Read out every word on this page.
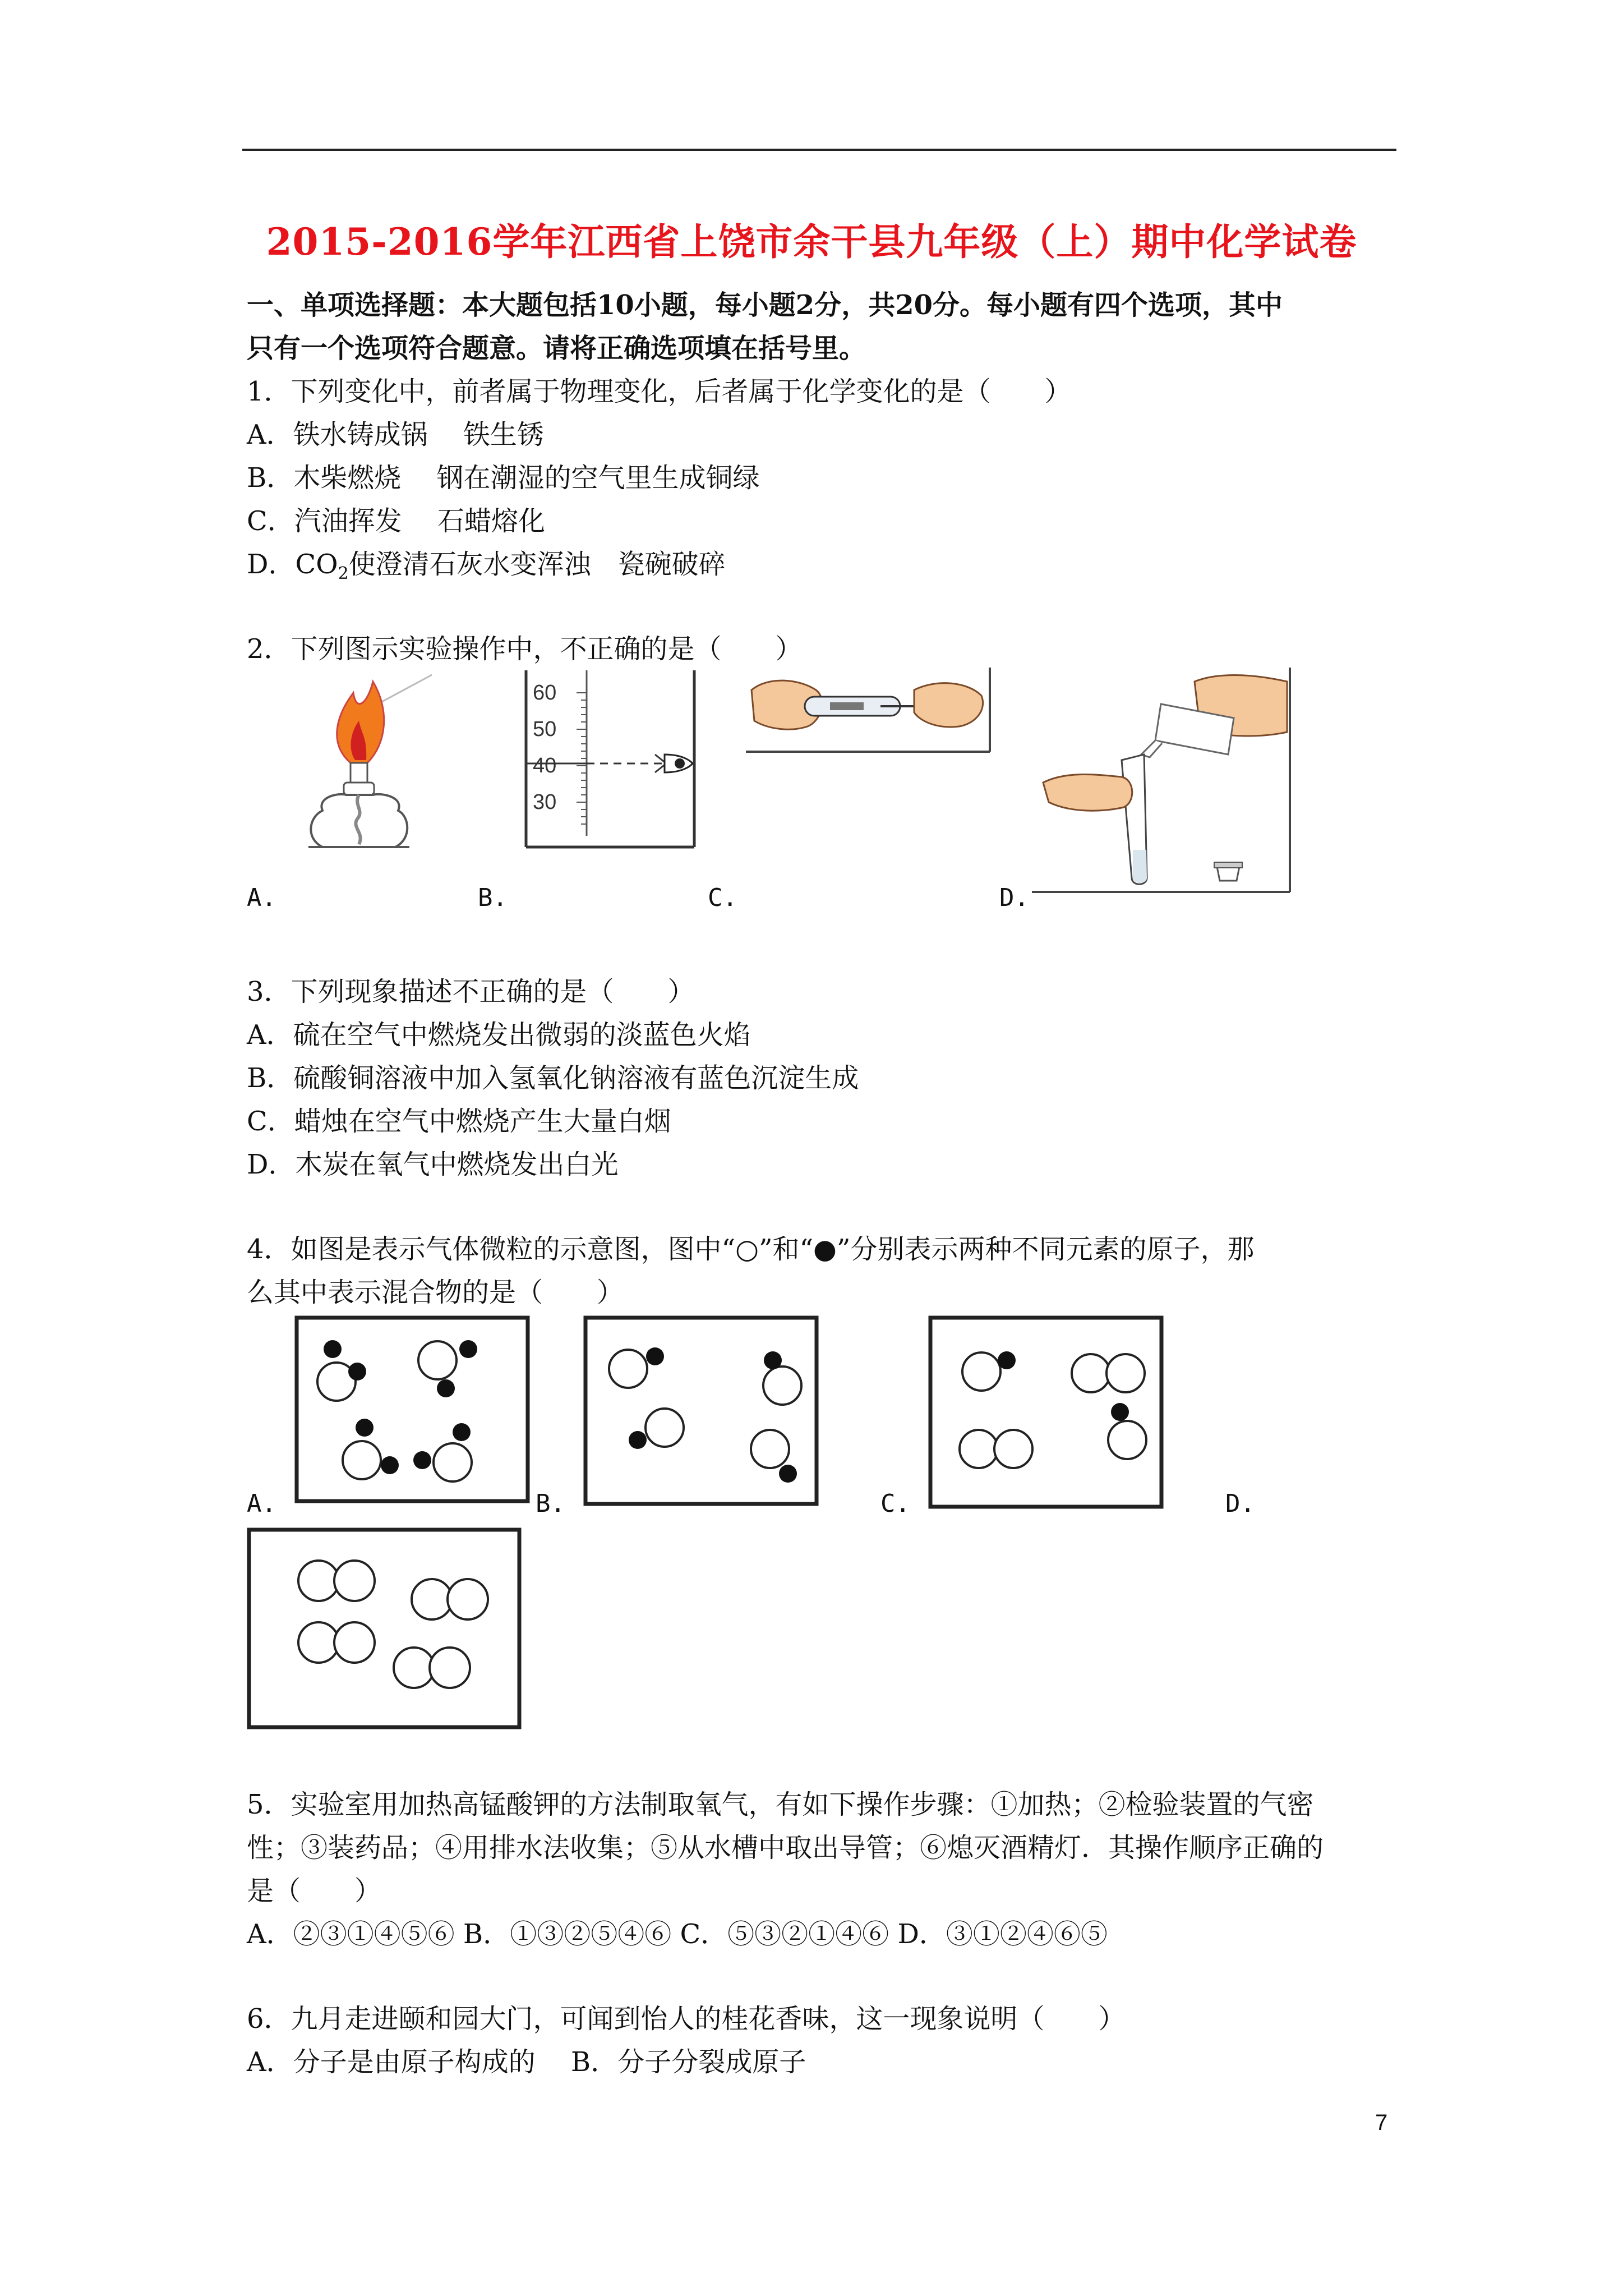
2015-2016学年江西省上饶市余干县九年级（上）期中化学试卷
一、单项选择题：本大题包括10小题，每小题2分，共20分。每小题有四个选项，其中
只有一个选项符合题意。请将正确选项填在括号里。
1．下列变化中，前者属于物理变化，后者属于化学变化的是（　　）
A．铁水铸成锅　 铁生锈
B．木柴燃烧　 钢在潮湿的空气里生成铜绿
C．汽油挥发　 石蜡熔化
D．$CO_2$使澄清石灰水变浑浊　瓷碗破碎
2．下列图示实验操作中，不正确的是（　　）
60
50
40
30
A.	B.	C.	D.
3．下列现象描述不正确的是（　　）
A．硫在空气中燃烧发出微弱的淡蓝色火焰
B．硫酸铜溶液中加入氢氧化钠溶液有蓝色沉淀生成
C．蜡烛在空气中燃烧产生大量白烟
D．木炭在氧气中燃烧发出白光
4．如图是表示气体微粒的示意图，图中“○”和“●”分别表示两种不同元素的原子，那
么其中表示混合物的是（　　）
A.	B.	C.	D.
5．实验室用加热高锰酸钾的方法制取氧气，有如下操作步骤：①加热；②检验装置的气密
性；③装药品；④用排水法收集；⑤从水槽中取出导管；⑥熄灭酒精灯．其操作顺序正确的
是（　　）
A．②③①④⑤⑥ B．①③②⑤④⑥ C．⑤③②①④⑥ D．③①②④⑥⑤
6．九月走进颐和园大门，可闻到怡人的桂花香味，这一现象说明（　　）
A．分子是由原子构成的　 B．分子分裂成原子
7
